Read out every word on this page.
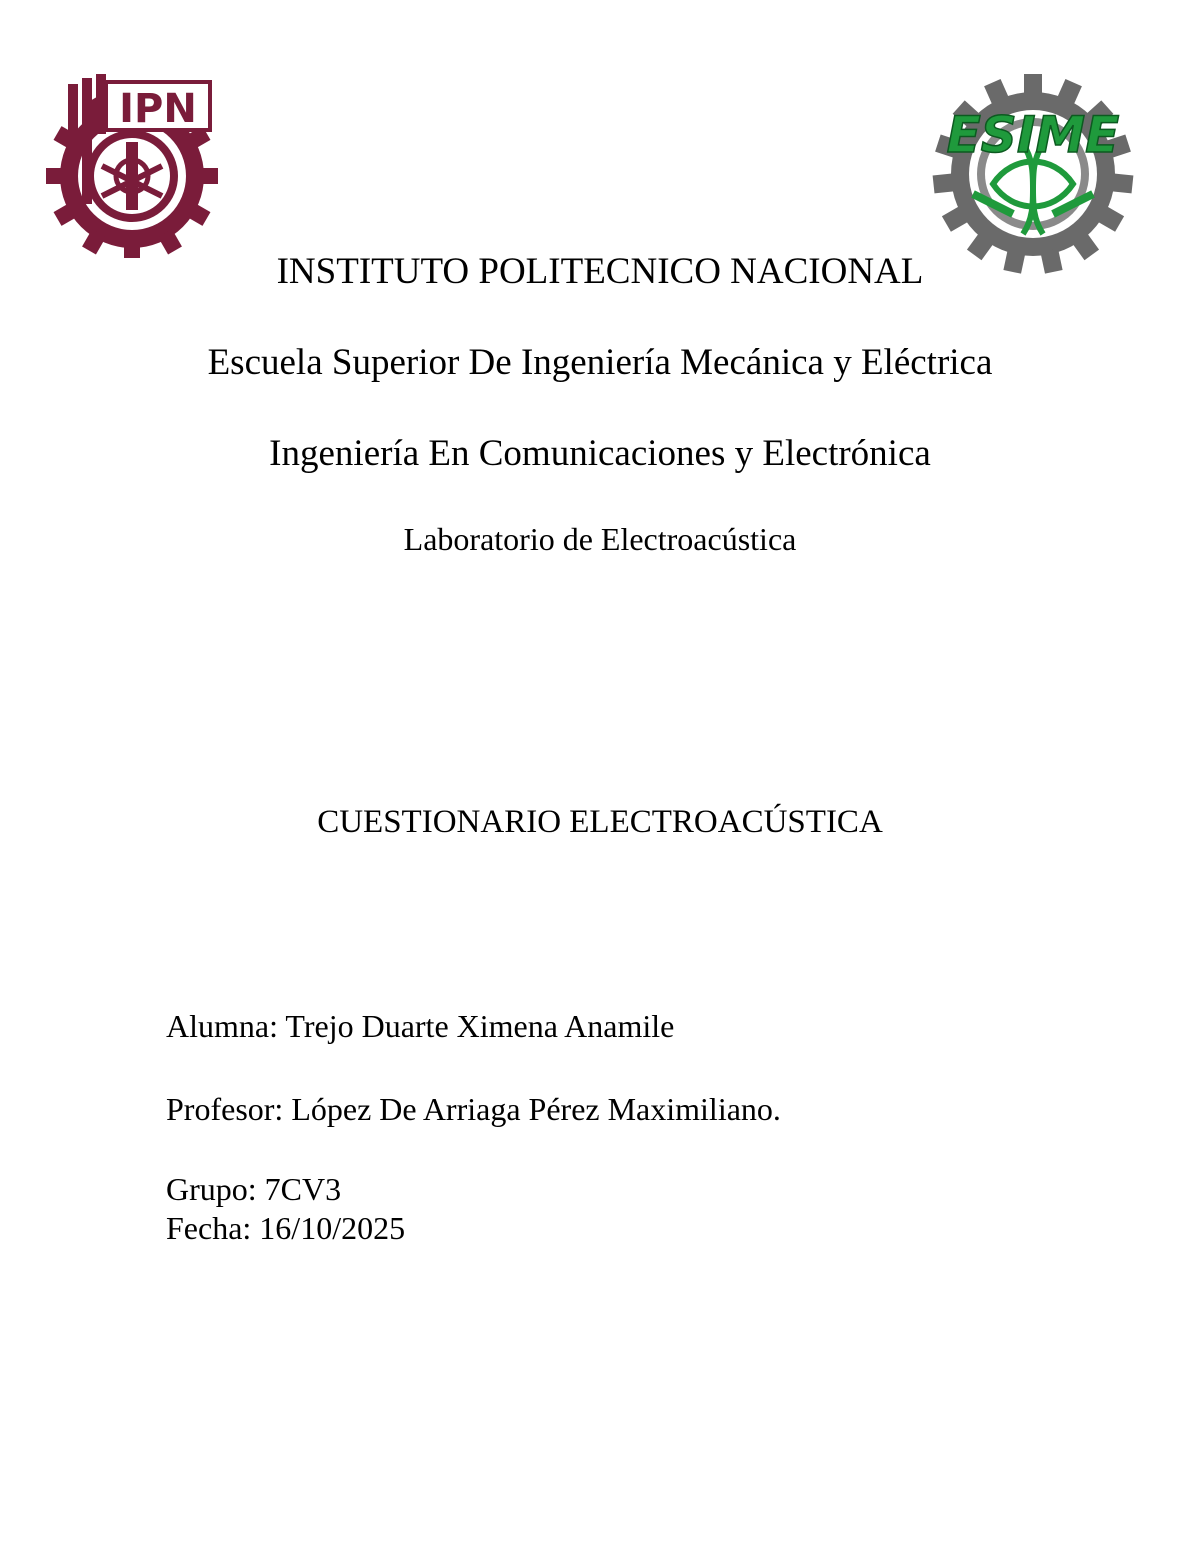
IPN	ESIME
INSTITUTO POLITECNICO NACIONAL
Escuela Superior De Ingeniería Mecánica y Eléctrica
Ingeniería En Comunicaciones y Electrónica
Laboratorio de Electroacústica
CUESTIONARIO ELECTROACÚSTICA
Alumna: Trejo Duarte Ximena Anamile
Profesor: López De Arriaga Pérez Maximiliano.
Grupo: 7CV3
Fecha: 16/10/2025
